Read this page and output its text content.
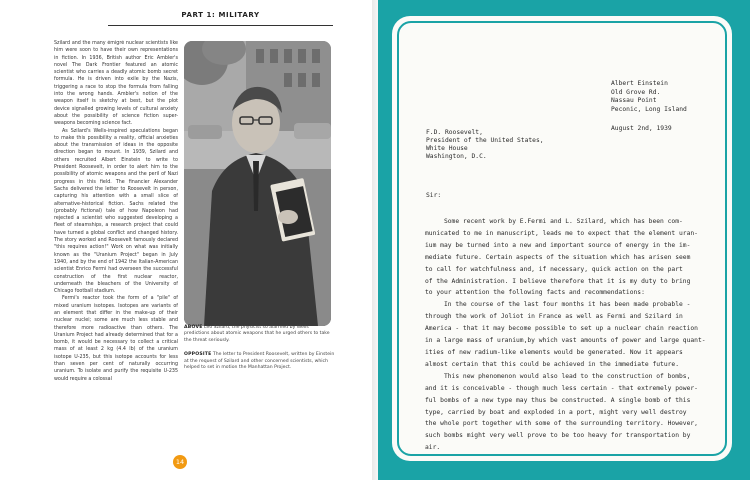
PART 1: MILITARY

Szilard and the many émigré nuclear scientists like him were soon to have their own representations in fiction. In 1936, British author Eric Ambler's novel The Dark Frontier featured an atomic scientist who carries a deadly atomic bomb secret formula. He is driven into exile by the Nazis, triggering a race to stop the formula from falling into the wrong hands. Ambler's notion of the weapon itself is sketchy at best, but the plot device signalled growing levels of cultural anxiety about the possibility of science fiction super-weapons becoming science fact.

As Szilard's Wells-inspired speculations began to make this possibility a reality, official anxieties about the transmission of ideas in the opposite direction began to mount. In 1939, Szilard and others recruited Albert Einstein to write to President Roosevelt, in order to alert him to the possibility of atomic weapons and the peril of Nazi progress in this field. The financier Alexander Sachs delivered the letter to Roosevelt in person, capturing his attention with a small slice of alternative-historical fiction. Sachs related the (probably fictional) tale of how Napoleon had rejected a scientist who suggested developing a fleet of steamships, a research project that could have turned a global conflict and changed history. The story worked and Roosevelt famously declared "this requires action!" Work on what was initially known as the "Uranium Project" began in July 1940, and by the end of 1942 the Italian-American scientist Enrico Fermi had overseen the successful construction of the first nuclear reactor, underneath the bleachers of the University of Chicago football stadium.

Fermi's reactor took the form of a "pile" of mixed uranium isotopes. Isotopes are variants of an element that differ in the make-up of their nuclear nuclei; some are much less stable and therefore more radioactive than others. The Uranium Project had already determined that for a bomb, it would be necessary to collect a critical mass of at least 2 kg (4.4 lb) of the uranium isotope U-235, but this isotope accounts for less than seven per cent of naturally occurring uranium. To isolate and purify the requisite U-235 would require a colossal

ABOVE Leo Szilard, the physicist so alarmed by Wells' predictions about atomic weapons that he urged others to take the threat seriously.

OPPOSITE The letter to President Roosevelt, written by Einstein at the request of Szilard and other concerned scientists, which helped to set in motion the Manhattan Project.

14
Albert Einstein
Old Grove Rd.
Nassau Point
Peconic, Long Island
August 2nd, 1939
F.D. Roosevelt,
President of the United States,
White House
Washington, D.C.
Sir:
Some recent work by E.Fermi and L. Szilard, which has been com-
municated to me in manuscript, leads me to expect that the element uran-
ium may be turned into a new and important source of energy in the im-
mediate future. Certain aspects of the situation which has arisen seem
to call for watchfulness and, if necessary, quick action on the part
of the Administration. I believe therefore that it is my duty to bring
to your attention the following facts and recommendations:
In the course of the last four months it has been made probable -
through the work of Joliot in France as well as Fermi and Szilard in
America - that it may become possible to set up a nuclear chain reaction
in a large mass of uranium,by which vast amounts of power and large quant-
ities of new radium-like elements would be generated. Now it appears
almost certain that this could be achieved in the immediate future.
This new phenomenon would also lead to the construction of bombs,
and it is conceivable - though much less certain - that extremely power-
ful bombs of a new type may thus be constructed. A single bomb of this
type, carried by boat and exploded in a port, might very well destroy
the whole port together with some of the surrounding territory. However,
such bombs might very well prove to be too heavy for transportation by
air.
